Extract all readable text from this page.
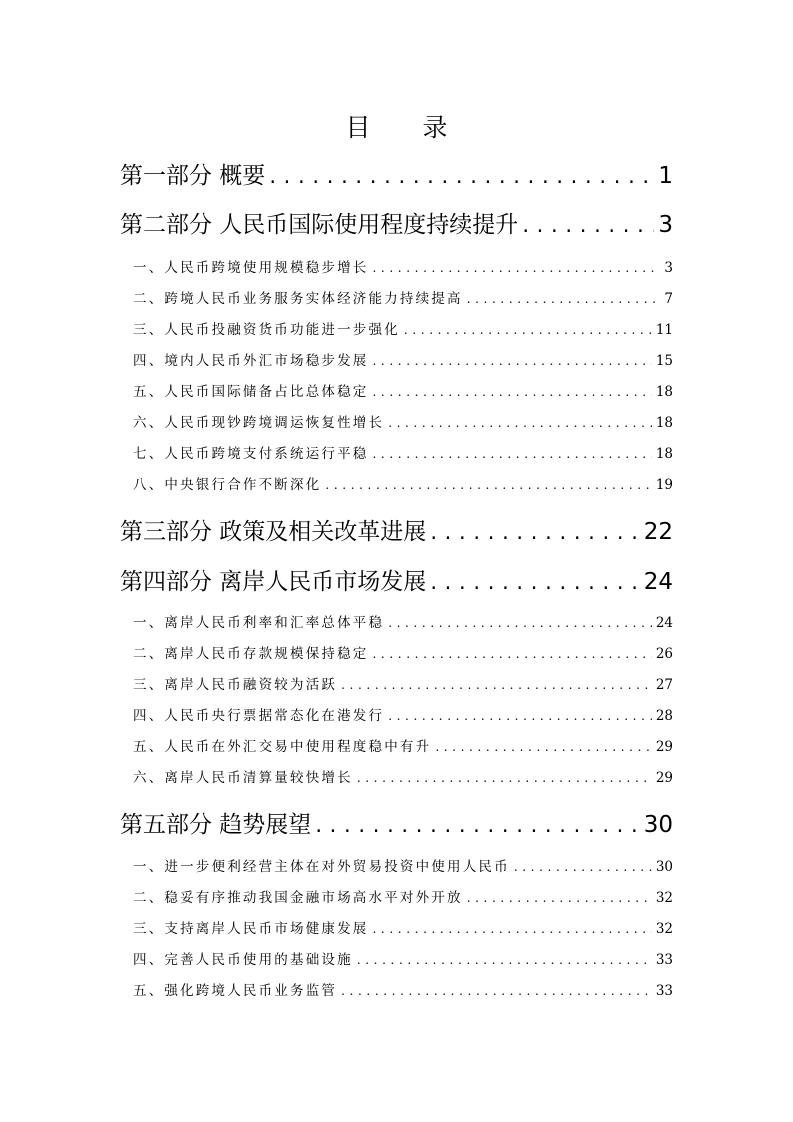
目 录
第一部分 概要 . . .	1
第二部分 人民币国际使用程度持续提升 . . .	3
一、人民币跨境使用规模稳步增长 . . .	3
二、跨境人民币业务服务实体经济能力持续提高 . . .	7
三、人民币投融资货币功能进一步强化 . . .	11
四、境内人民币外汇市场稳步发展 . . .	15
五、人民币国际储备占比总体稳定 . . .	18
六、人民币现钞跨境调运恢复性增长 . . .	18
七、人民币跨境支付系统运行平稳 . . .	18
八、中央银行合作不断深化 . . .	19
第三部分 政策及相关改革进展 . . .	22
第四部分 离岸人民币市场发展 . . .	24
一、离岸人民币利率和汇率总体平稳 . . .	24
二、离岸人民币存款规模保持稳定 . . .	26
三、离岸人民币融资较为活跃 . . .	27
四、人民币央行票据常态化在港发行 . . .	28
五、人民币在外汇交易中使用程度稳中有升 . . .	29
六、离岸人民币清算量较快增长 . . .	29
第五部分 趋势展望 . . .	30
一、进一步便利经营主体在对外贸易投资中使用人民币 . . .	30
二、稳妥有序推动我国金融市场高水平对外开放 . . .	32
三、支持离岸人民币市场健康发展 . . .	32
四、完善人民币使用的基础设施 . . .	33
五、强化跨境人民币业务监管 . . .	33
